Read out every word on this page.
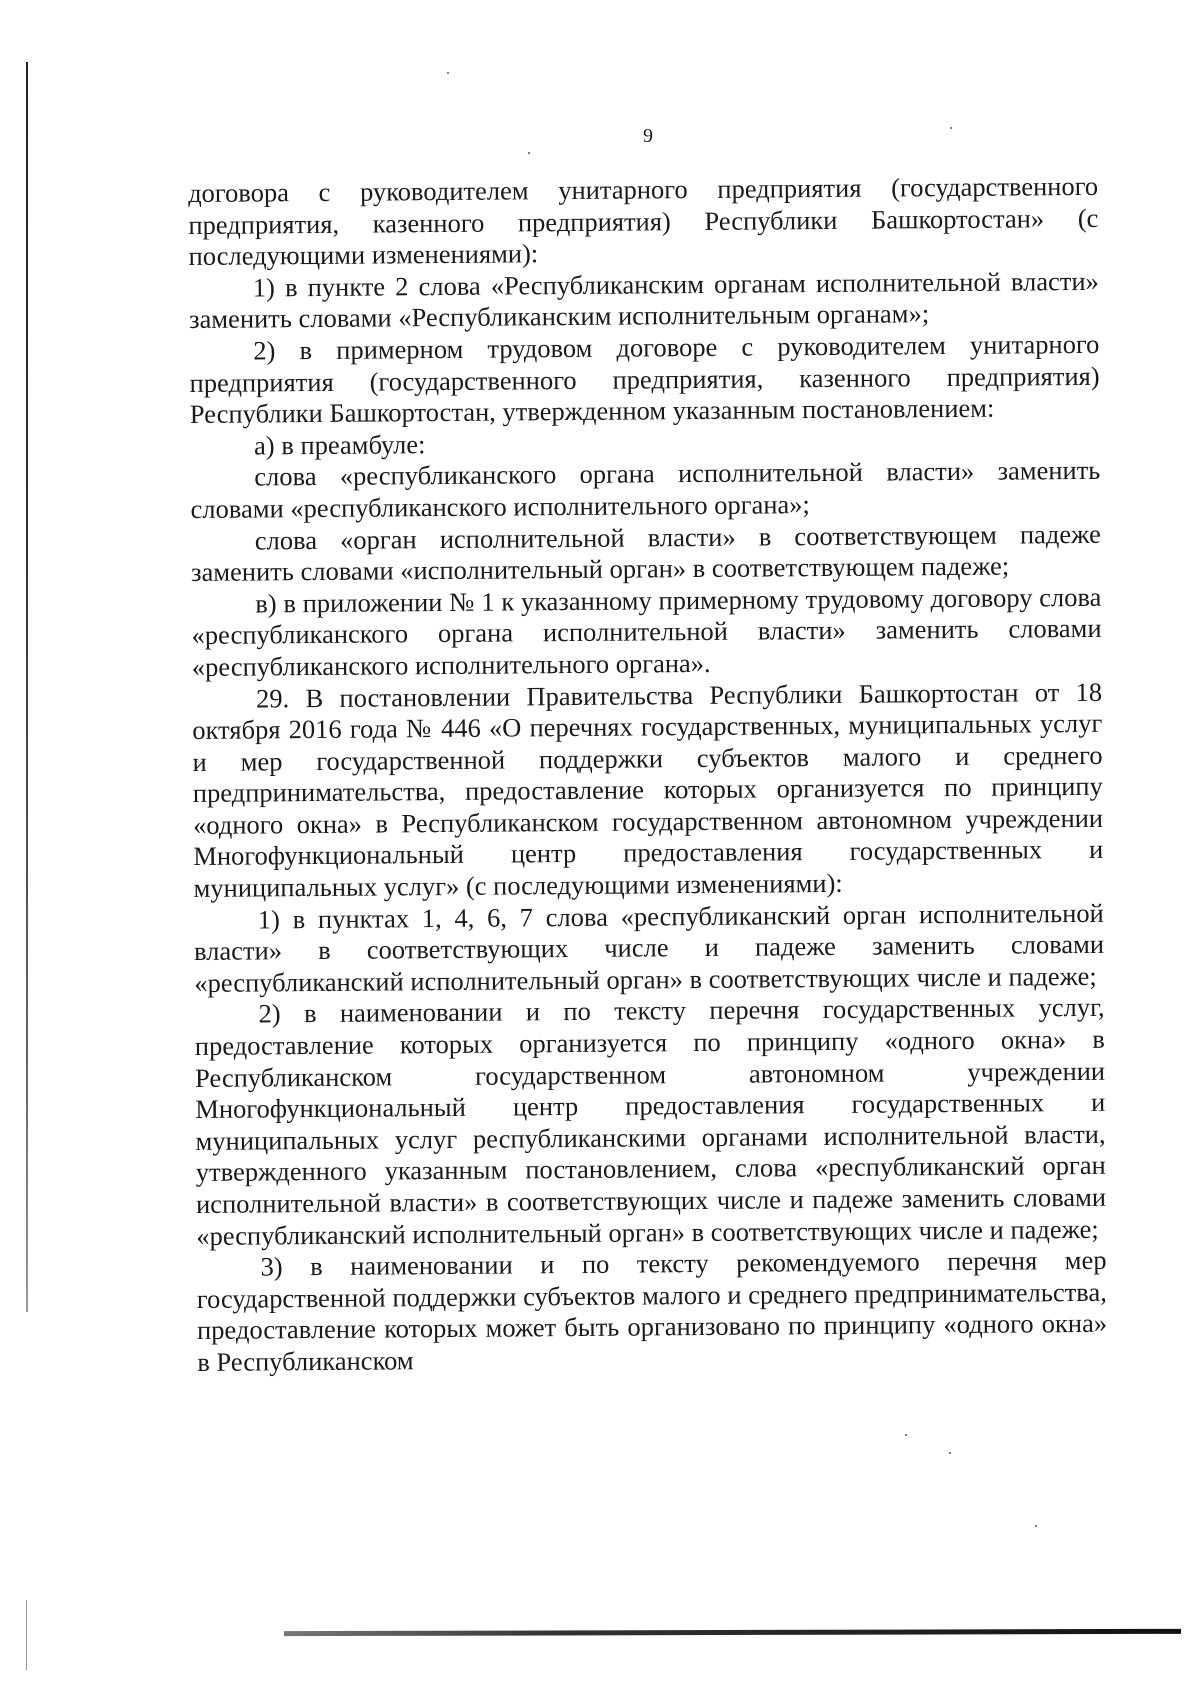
9

договора с руководителем унитарного предприятия (государственного предприятия, казенного предприятия) Республики Башкортостан» (с последующими изменениями):

1) в пункте 2 слова «Республиканским органам исполнительной власти» заменить словами «Республиканским исполнительным органам»;

2) в примерном трудовом договоре с руководителем унитарного предприятия (государственного предприятия, казенного предприятия) Республики Башкортостан, утвержденном указанным постановлением:

а) в преамбуле:

слова «республиканского органа исполнительной власти» заменить словами «республиканского исполнительного органа»;

слова «орган исполнительной власти» в соответствующем падеже заменить словами «исполнительный орган» в соответствующем падеже;

в) в приложении № 1 к указанному примерному трудовому договору слова «республиканского органа исполнительной власти» заменить словами «республиканского исполнительного органа».

29. В постановлении Правительства Республики Башкортостан от 18 октября 2016 года № 446 «О перечнях государственных, муниципальных услуг и мер государственной поддержки субъектов малого и среднего предпринимательства, предоставление которых организуется по принципу «одного окна» в Республиканском государственном автономном учреждении Многофункциональный центр предоставления государственных и муниципальных услуг» (с последующими изменениями):

1) в пунктах 1, 4, 6, 7 слова «республиканский орган исполнительной власти» в соответствующих числе и падеже заменить словами «республиканский исполнительный орган» в соответствующих числе и падеже;

2) в наименовании и по тексту перечня государственных услуг, предоставление которых организуется по принципу «одного окна» в Республиканском государственном автономном учреждении Многофункциональный центр предоставления государственных и муниципальных услуг республиканскими органами исполнительной власти, утвержденного указанным постановлением, слова «республиканский орган исполнительной власти» в соответствующих числе и падеже заменить словами «республиканский исполнительный орган» в соответствующих числе и падеже;

3) в наименовании и по тексту рекомендуемого перечня мер государственной поддержки субъектов малого и среднего предпринимательства, предоставление которых может быть организовано по принципу «одного окна» в Республиканском
